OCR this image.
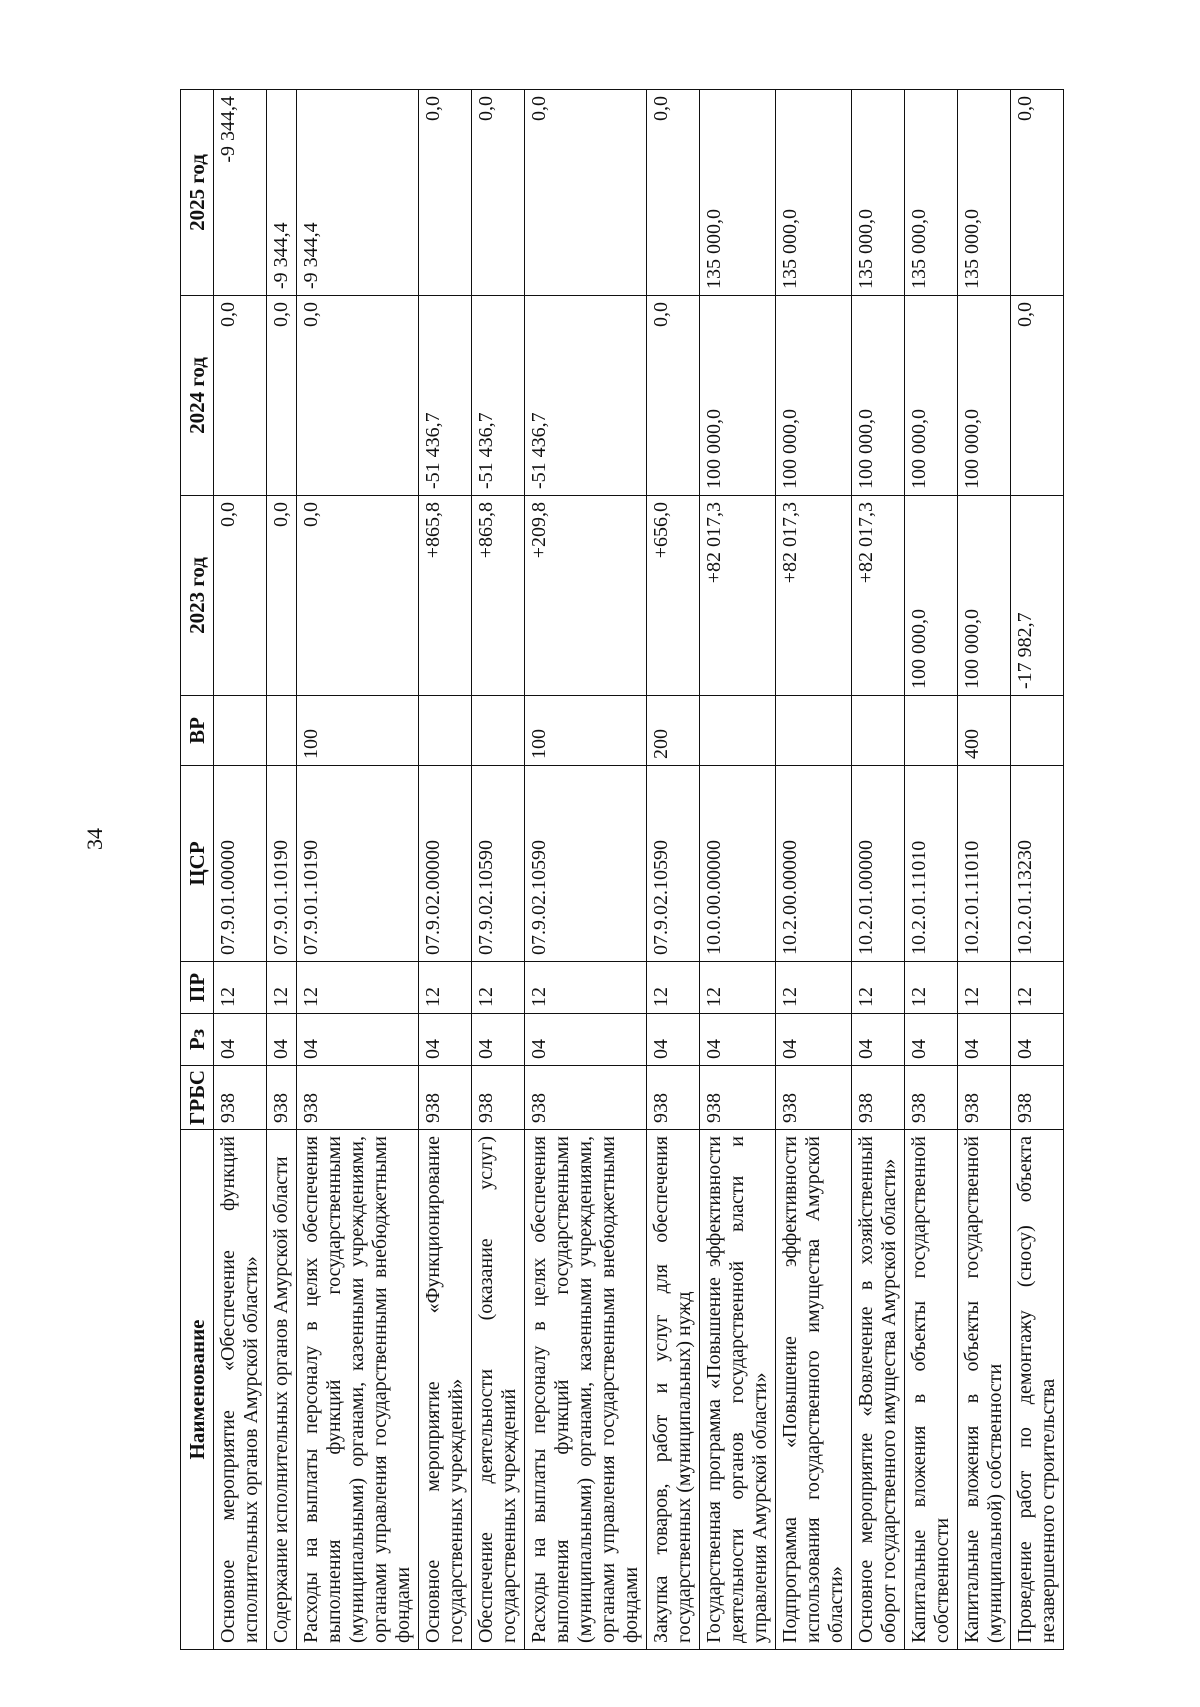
34
Наименование	ГРБС	Рз	ПР	ЦСР	ВР	2023 год	2024 год	2025 год
Основное мероприятие «Обеспечение функций исполнительных органов Амурской области»	938	04	12	07.9.01.00000		0,0	0,0	-9 344,4
Содержание исполнительных органов Амурской области	938	04	12	07.9.01.10190		0,0	0,0	-9 344,4
Расходы на выплаты персоналу в целях обеспечения выполнения функций государственными (муниципальными) органами, казенными учреждениями, органами управления государственными внебюджетными фондами	938	04	12	07.9.01.10190	100	0,0	0,0	-9 344,4
Основное мероприятие «Функционирование государственных учреждений»	938	04	12	07.9.02.00000		+865,8	-51 436,7	0,0
Обеспечение деятельности (оказание услуг) государственных учреждений	938	04	12	07.9.02.10590		+865,8	-51 436,7	0,0
Расходы на выплаты персоналу в целях обеспечения выполнения функций государственными (муниципальными) органами, казенными учреждениями, органами управления государственными внебюджетными фондами	938	04	12	07.9.02.10590	100	+209,8	-51 436,7	0,0
Закупка товаров, работ и услуг для обеспечения государственных (муниципальных) нужд	938	04	12	07.9.02.10590	200	+656,0	0,0	0,0
Государственная программа «Повышение эффективности деятельности органов государственной власти и управления Амурской области»	938	04	12	10.0.00.00000		+82 017,3	100 000,0	135 000,0
Подпрограмма «Повышение эффективности использования государственного имущества Амурской области»	938	04	12	10.2.00.00000		+82 017,3	100 000,0	135 000,0
Основное мероприятие «Вовлечение в хозяйственный оборот государственного имущества Амурской области»	938	04	12	10.2.01.00000		+82 017,3	100 000,0	135 000,0
Капитальные вложения в объекты государственной собственности	938	04	12	10.2.01.11010		100 000,0	100 000,0	135 000,0
Капитальные вложения в объекты государственной (муниципальной) собственности	938	04	12	10.2.01.11010	400	100 000,0	100 000,0	135 000,0
Проведение работ по демонтажу (сносу) объекта незавершенного строительства	938	04	12	10.2.01.13230		-17 982,7	0,0	0,0
